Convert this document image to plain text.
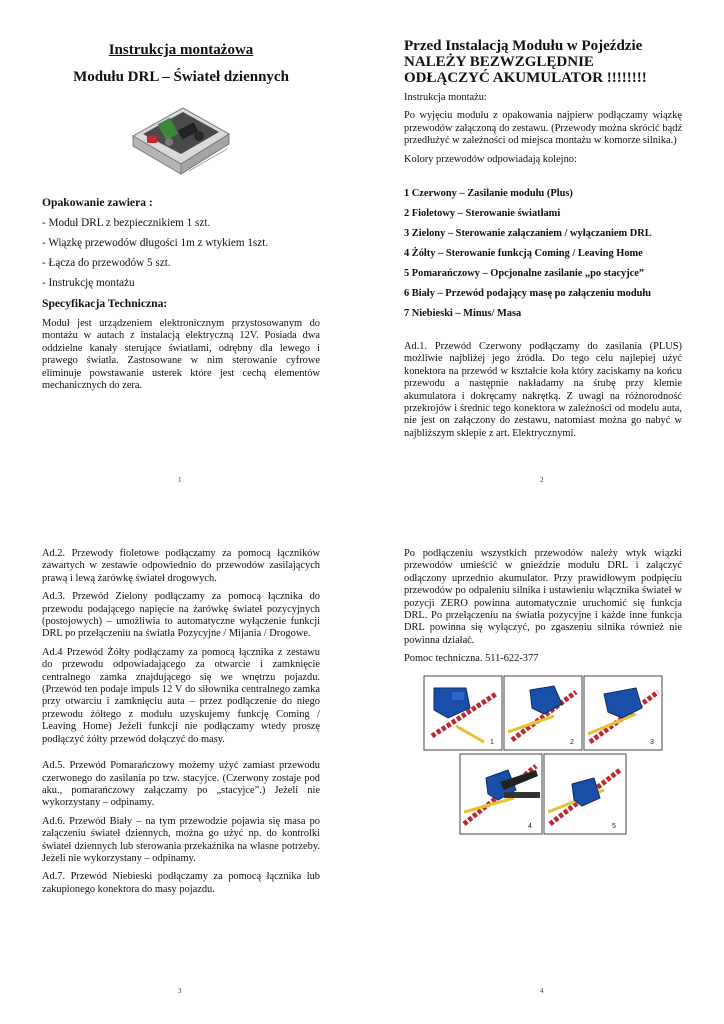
Instrukcja montażowa
Modułu DRL – Świateł dziennych

Opakowanie zawiera :

- Moduł DRL z bezpiecznikiem 1 szt.

- Wiązkę przewodów długości 1m z wtykiem 1szt.

- Łącza do przewodów 5 szt.

- Instrukcję montażu

Specyfikacja Techniczna:

Moduł jest urządzeniem elektronicznym przystosowanym do montażu w autach z instalacją elektryczną 12V. Posiada dwa oddzielne kanały sterujące światłami, odrębny dla lewego i prawego światła. Zastosowane w nim sterowanie cyfrowe eliminuje powstawanie usterek które jest cechą elementów mechanicznych do zera.

1
Przed Instalacją Modułu w Pojeździe
NALEŻY BEZWZGLĘDNIE
ODŁĄCZYĆ AKUMULATOR !!!!!!!!

Instrukcja montażu:

Po wyjęciu modułu z opakowania najpierw podłączamy wiązkę przewodów załączoną do zestawu. (Przewody można skrócić bądź przedłużyć w zależności od miejsca montażu w komorze silnika.)

Kolory przewodów odpowiadają kolejno:

1 Czerwony – Zasilanie modułu (Plus)

2 Fioletowy – Sterowanie światłami

3 Zielony – Sterowanie załączaniem / wyłączaniem DRL

4 Żółty – Sterowanie funkcją Coming / Leaving Home

5 Pomarańczowy – Opcjonalne zasilanie „po stacyjce”

6 Biały – Przewód podający masę po załączeniu modułu

7 Niebieski – Minus/ Masa

Ad.1. Przewód Czerwony podłączamy do zasilania (PLUS) możliwie najbliżej jego źródła. Do tego celu najlepiej użyć konektora na przewód w kształcie koła który zaciskamy na końcu przewodu a następnie nakładamy na śrubę przy klemie akumulatora i dokręcamy nakrętką. Z uwagi na różnorodność przekrojów i średnic tego konektora w zależności od modelu auta, nie jest on załączony do zestawu, natomiast można go nabyć w najbliższym sklepie z art. Elektrycznymi.

2

Ad.2. Przewody fioletowe podłączamy za pomocą łączników zawartych w zestawie odpowiednio do przewodów zasilających prawą i lewą żarówkę świateł drogowych.

Ad.3. Przewód Zielony podłączamy za pomocą łącznika do przewodu podającego napięcie na żarówkę świateł pozycyjnych (postojowych) – umożliwia to automatyczne wyłączenie funkcji DRL po przełączeniu na światła Pozycyjne / Mijania / Drogowe.

Ad.4 Przewód Żółty podłączamy za pomocą łącznika z zestawu do przewodu odpowiadającego za otwarcie i zamknięcie centralnego zamka znajdującego się we wnętrzu pojazdu. (Przewód ten podaje impuls 12 V do siłownika centralnego zamka przy otwarciu i zamknięciu auta – przez podłączenie do niego przewodu żółtego z modułu uzyskujemy funkcję Coming / Leaving Home) Jeżeli funkcji nie podłączamy wtedy proszę podłączyć żółty przewód dołączyć do masy.

Ad.5. Przewód Pomarańczowy możemy użyć zamiast przewodu czerwonego do zasilania po tzw. stacyjce. (Czerwony zostaje pod aku., pomarańczowy załączamy po „stacyjce”.) Jeżeli nie wykorzystany – odpinamy.

Ad.6. Przewód Biały – na tym przewodzie pojawia się masa po załączeniu świateł dziennych, można go użyć np. do kontrolki świateł dziennych lub sterowania przekaźnika na własne potrzeby. Jeżeli nie wykorzystany – odpinamy.

Ad.7. Przewód Niebieski podłączamy za pomocą łącznika lub zakupionego konektora do masy pojazdu.

3

Po podłączeniu wszystkich przewodów należy wtyk wiązki przewodów umieścić w gnieździe modułu DRL i załączyć odłączony uprzednio akumulator. Przy prawidłowym podpięciu przewodów po odpaleniu silnika i ustawieniu włącznika świateł w pozycji ZERO powinna automatycznie uruchomić się funkcja DRL. Po przełączeniu na światła pozycyjne i każde inne funkcja DRL powinna się wyłączyć, po zgaszeniu silnika również nie powinna działać.

Pomoc techniczna. 511-622-377

1	2	3
4	5
4
